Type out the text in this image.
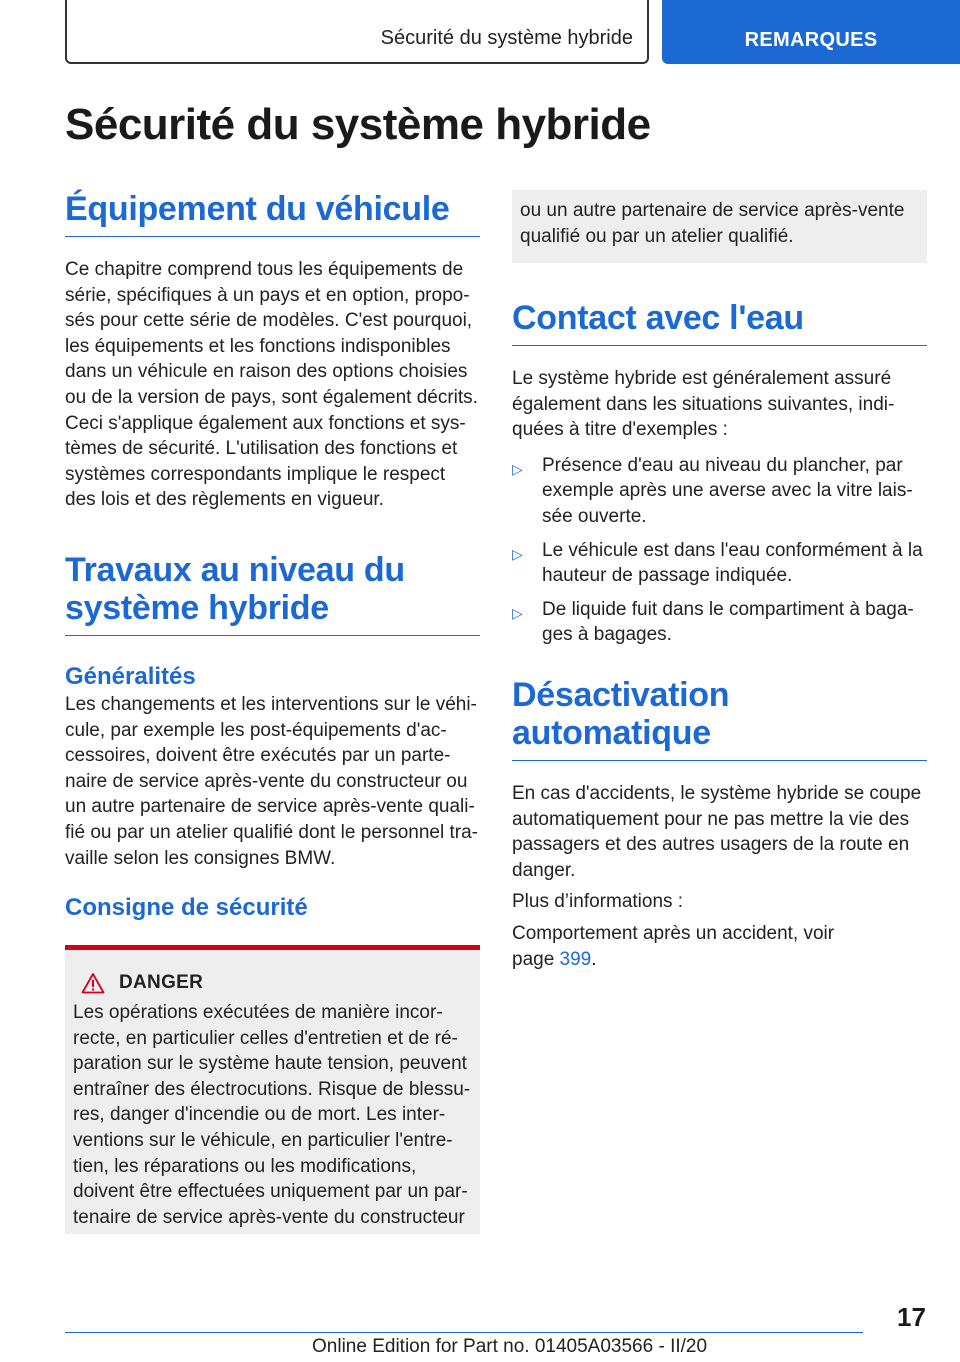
Sécurité du système hybride	REMARQUES
Sécurité du système hybride
Équipement du véhicule
Ce chapitre comprend tous les équipements de
série, spécifiques à un pays et en option, propo-
sés pour cette série de modèles. C'est pourquoi,
les équipements et les fonctions indisponibles
dans un véhicule en raison des options choisies
ou de la version de pays, sont également décrits.
Ceci s'applique également aux fonctions et sys-
tèmes de sécurité. L'utilisation des fonctions et
systèmes correspondants implique le respect
des lois et des règlements en vigueur.
Travaux au niveau du
système hybride
Généralités
Les changements et les interventions sur le véhi-
cule, par exemple les post-équipements d'ac-
cessoires, doivent être exécutés par un parte-
naire de service après-vente du constructeur ou
un autre partenaire de service après-vente quali-
fié ou par un atelier qualifié dont le personnel tra-
vaille selon les consignes BMW.
Consigne de sécurité
DANGER
Les opérations exécutées de manière incor-
recte, en particulier celles d'entretien et de ré-
paration sur le système haute tension, peuvent
entraîner des électrocutions. Risque de blessu-
res, danger d'incendie ou de mort. Les inter-
ventions sur le véhicule, en particulier l'entre-
tien, les réparations ou les modifications,
doivent être effectuées uniquement par un par-
tenaire de service après-vente du constructeur
ou un autre partenaire de service après-vente
qualifié ou par un atelier qualifié.
Contact avec l'eau
Le système hybride est généralement assuré
également dans les situations suivantes, indi-
quées à titre d'exemples :
▷	Présence d'eau au niveau du plancher, par
exemple après une averse avec la vitre lais-
sée ouverte.
▷	Le véhicule est dans l'eau conformément à la
hauteur de passage indiquée.
▷	De liquide fuit dans le compartiment à baga-
ges à bagages.
Désactivation automatique
En cas d'accidents, le système hybride se coupe
automatiquement pour ne pas mettre la vie des
passagers et des autres usagers de la route en
danger.
Plus d’informations :
Comportement après un accident, voir
page 399.
17
Online Edition for Part no. 01405A03566 - II/20
